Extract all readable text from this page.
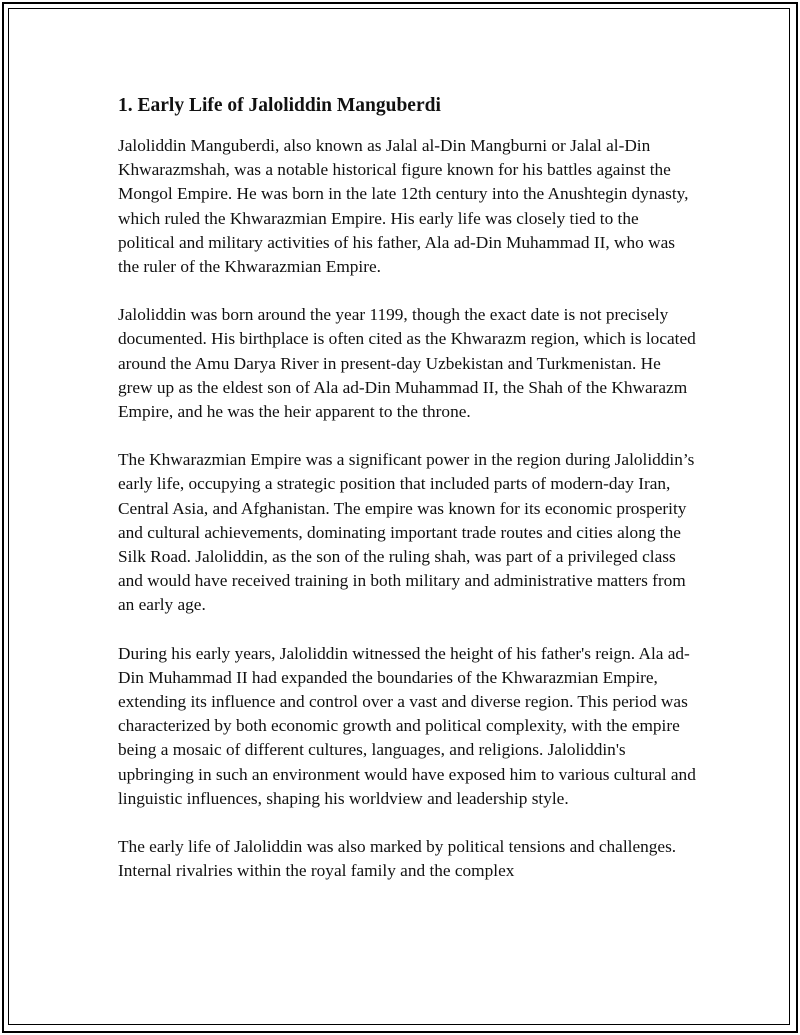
1. Early Life of Jaloliddin Manguberdi

Jaloliddin Manguberdi, also known as Jalal al-Din Mangburni or Jalal al-Din Khwarazmshah, was a notable historical figure known for his battles against the Mongol Empire. He was born in the late 12th century into the Anushtegin dynasty, which ruled the Khwarazmian Empire. His early life was closely tied to the political and military activities of his father, Ala ad-Din Muhammad II, who was the ruler of the Khwarazmian Empire.

Jaloliddin was born around the year 1199, though the exact date is not precisely documented. His birthplace is often cited as the Khwarazm region, which is located around the Amu Darya River in present-day Uzbekistan and Turkmenistan. He grew up as the eldest son of Ala ad-Din Muhammad II, the Shah of the Khwarazm Empire, and he was the heir apparent to the throne.

The Khwarazmian Empire was a significant power in the region during Jaloliddin’s early life, occupying a strategic position that included parts of modern-day Iran, Central Asia, and Afghanistan. The empire was known for its economic prosperity and cultural achievements, dominating important trade routes and cities along the Silk Road. Jaloliddin, as the son of the ruling shah, was part of a privileged class and would have received training in both military and administrative matters from an early age.

During his early years, Jaloliddin witnessed the height of his father's reign. Ala ad-Din Muhammad II had expanded the boundaries of the Khwarazmian Empire, extending its influence and control over a vast and diverse region. This period was characterized by both economic growth and political complexity, with the empire being a mosaic of different cultures, languages, and religions. Jaloliddin's upbringing in such an environment would have exposed him to various cultural and linguistic influences, shaping his worldview and leadership style.

The early life of Jaloliddin was also marked by political tensions and challenges. Internal rivalries within the royal family and the complex
